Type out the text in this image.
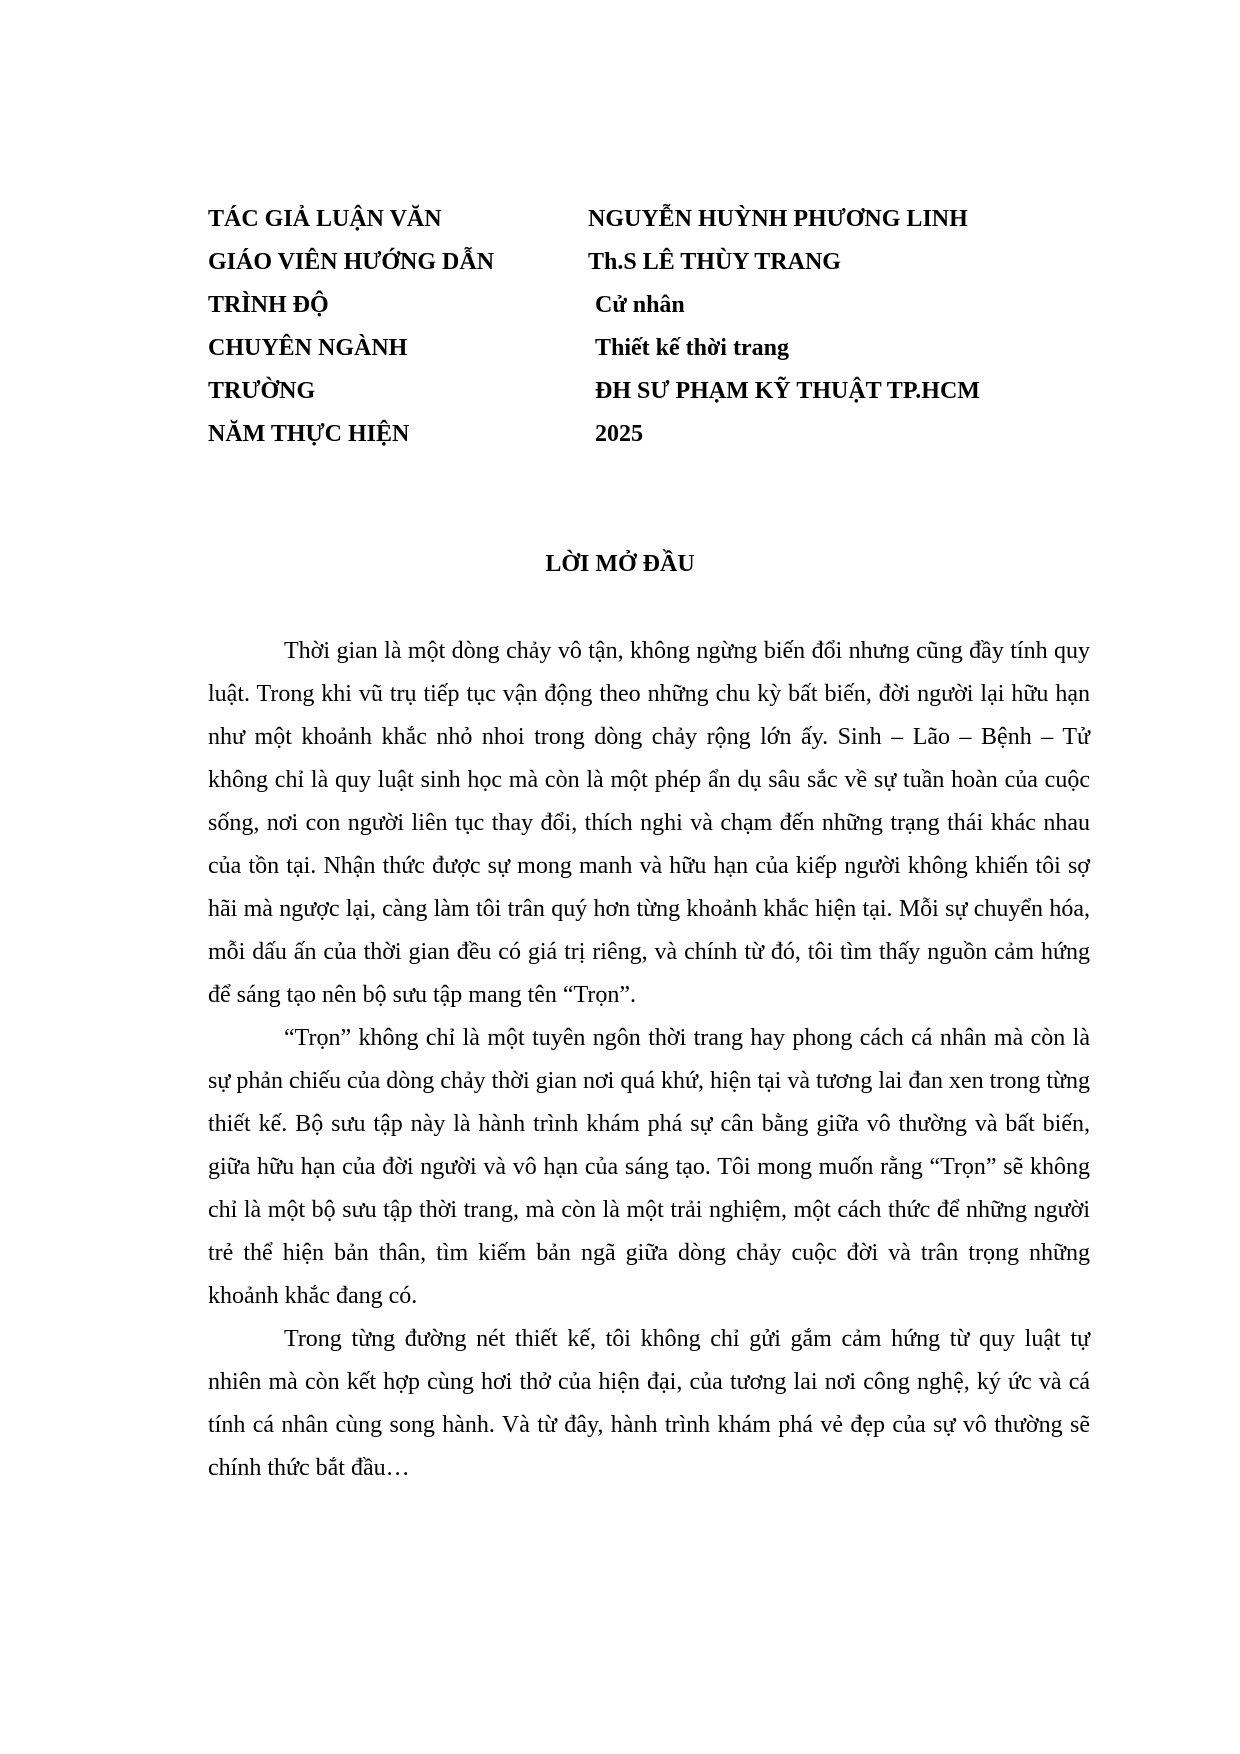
TÁC GIẢ LUẬN VĂN	NGUYỄN HUỲNH PHƯƠNG LINH
GIÁO VIÊN HƯỚNG DẪN	Th.S LÊ THÙY TRANG
TRÌNH ĐỘ	Cử nhân
CHUYÊN NGÀNH	Thiết kế thời trang
TRƯỜNG	ĐH SƯ PHẠM KỸ THUẬT TP.HCM
NĂM THỰC HIỆN	2025
LỜI MỞ ĐẦU

Thời gian là một dòng chảy vô tận, không ngừng biến đổi nhưng cũng đầy tính quy luật. Trong khi vũ trụ tiếp tục vận động theo những chu kỳ bất biến, đời người lại hữu hạn như một khoảnh khắc nhỏ nhoi trong dòng chảy rộng lớn ấy. Sinh – Lão – Bệnh – Tử không chỉ là quy luật sinh học mà còn là một phép ẩn dụ sâu sắc về sự tuần hoàn của cuộc sống, nơi con người liên tục thay đổi, thích nghi và chạm đến những trạng thái khác nhau của tồn tại. Nhận thức được sự mong manh và hữu hạn của kiếp người không khiến tôi sợ hãi mà ngược lại, càng làm tôi trân quý hơn từng khoảnh khắc hiện tại. Mỗi sự chuyển hóa, mỗi dấu ấn của thời gian đều có giá trị riêng, và chính từ đó, tôi tìm thấy nguồn cảm hứng để sáng tạo nên bộ sưu tập mang tên “Trọn”.

“Trọn” không chỉ là một tuyên ngôn thời trang hay phong cách cá nhân mà còn là sự phản chiếu của dòng chảy thời gian nơi quá khứ, hiện tại và tương lai đan xen trong từng thiết kế. Bộ sưu tập này là hành trình khám phá sự cân bằng giữa vô thường và bất biến, giữa hữu hạn của đời người và vô hạn của sáng tạo. Tôi mong muốn rằng “Trọn” sẽ không chỉ là một bộ sưu tập thời trang, mà còn là một trải nghiệm, một cách thức để những người trẻ thể hiện bản thân, tìm kiếm bản ngã giữa dòng chảy cuộc đời và trân trọng những khoảnh khắc đang có.

Trong từng đường nét thiết kế, tôi không chỉ gửi gắm cảm hứng từ quy luật tự nhiên mà còn kết hợp cùng hơi thở của hiện đại, của tương lai nơi công nghệ, ký ức và cá tính cá nhân cùng song hành. Và từ đây, hành trình khám phá vẻ đẹp của sự vô thường sẽ chính thức bắt đầu…
